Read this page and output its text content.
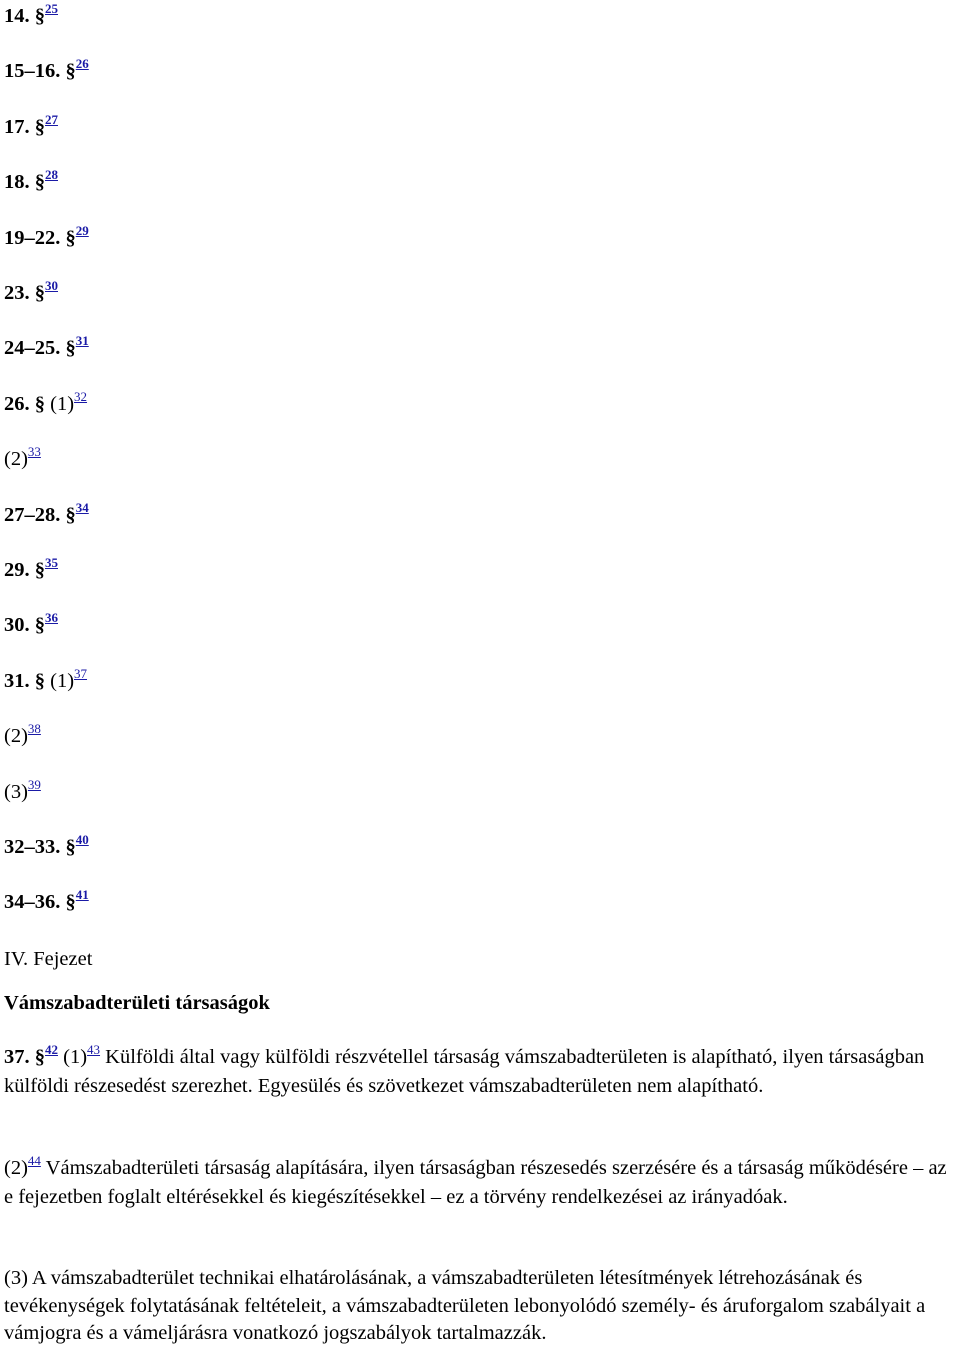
14. §$^{25}$
15–16. §$^{26}$
17. §$^{27}$
18. §$^{28}$
19–22. §$^{29}$
23. §$^{30}$
24–25. §$^{31}$
26. § (1)$^{32}$
(2)$^{33}$
27–28. §$^{34}$
29. §$^{35}$
30. §$^{36}$
31. § (1)$^{37}$
(2)$^{38}$
(3)$^{39}$
32–33. §$^{40}$
34–36. §$^{41}$
IV. Fejezet
Vámszabadterületi társaságok
37. §$^{42}$ (1)$^{43}$ Külföldi által vagy külföldi részvétellel társaság vámszabadterületen is alapítható, ilyen társaságban külföldi részesedést szerezhet. Egyesülés és szövetkezet vámszabadterületen nem alapítható.
(2)$^{44}$ Vámszabadterületi társaság alapítására, ilyen társaságban részesedés szerzésére és a társaság működésére – az e fejezetben foglalt eltérésekkel és kiegészítésekkel – ez a törvény rendelkezései az irányadóak.
(3) A vámszabadterület technikai elhatárolásának, a vámszabadterületen létesítmények létrehozásának és tevékenységek folytatásának feltételeit, a vámszabadterületen lebonyolódó személy- és áruforgalom szabályait a vámjogra és a vámeljárásra vonatkozó jogszabályok tartalmazzák.
